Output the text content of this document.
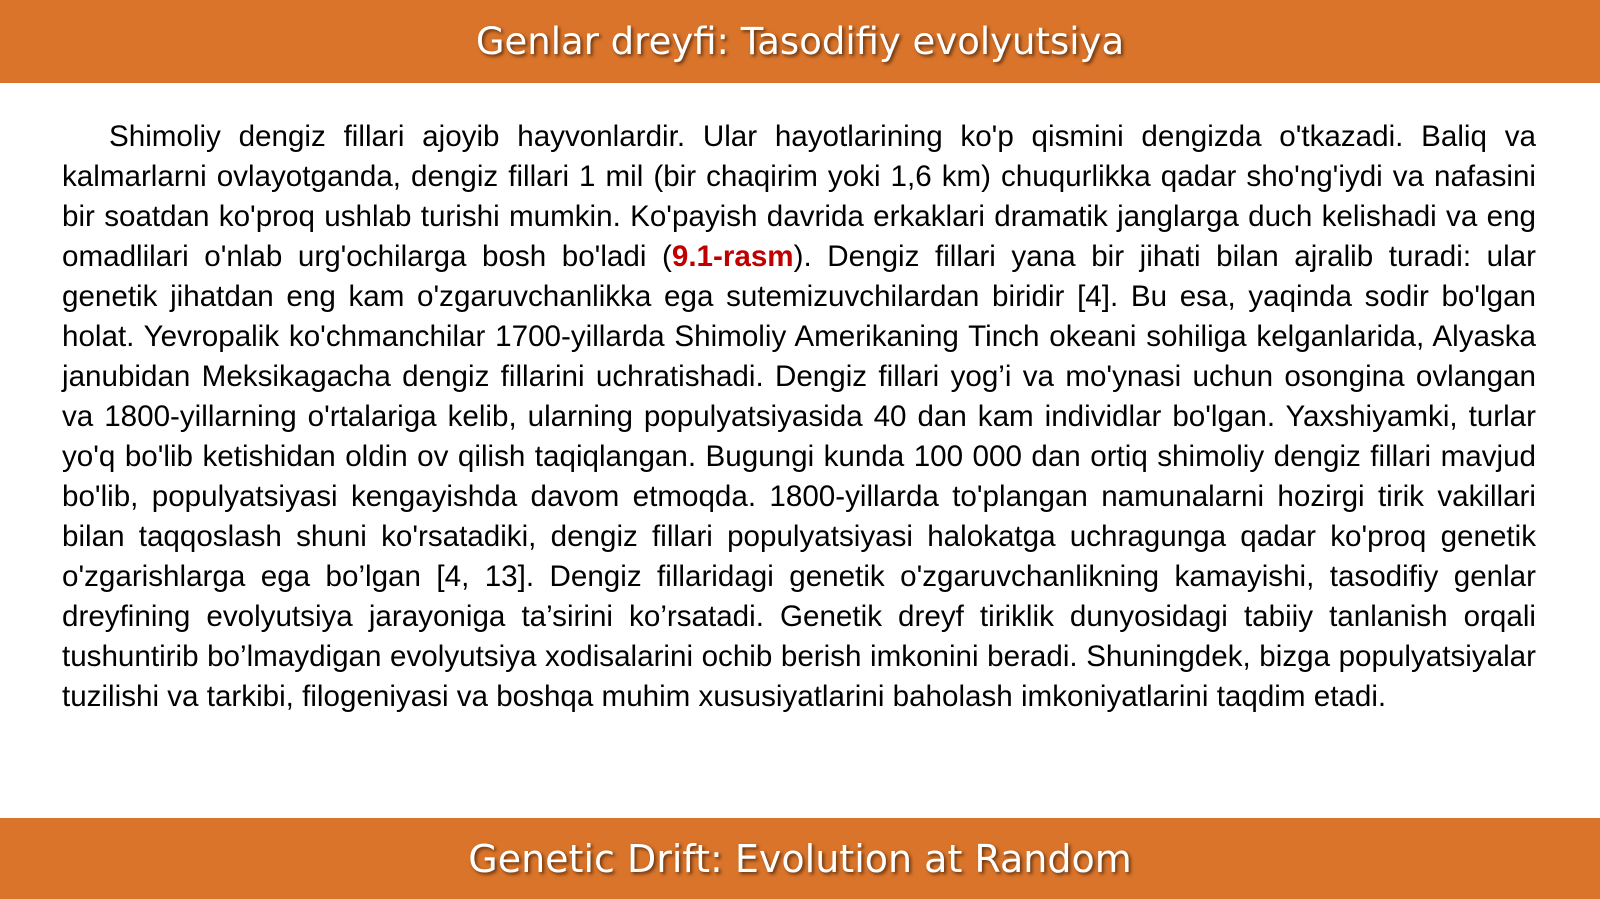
Genlar dreyfi: Tasodifiy evolyutsiya

Shimoliy dengiz fillari ajoyib hayvonlardir. Ular hayotlarining ko'p qismini dengizda o'tkazadi. Baliq va kalmarlarni ovlayotganda, dengiz fillari 1 mil (bir chaqirim yoki 1,6 km) chuqurlikka qadar sho'ng'iydi va nafasini bir soatdan ko'proq ushlab turishi mumkin. Ko'payish davrida erkaklari dramatik janglarga duch kelishadi va eng omadlilari o'nlab urg'ochilarga bosh bo'ladi (9.1-rasm). Dengiz fillari yana bir jihati bilan ajralib turadi: ular genetik jihatdan eng kam o'zgaruvchanlikka ega sutemizuvchilardan biridir [4]. Bu esa, yaqinda sodir bo'lgan holat. Yevropalik ko'chmanchilar 1700-yillarda Shimoliy Amerikaning Tinch okeani sohiliga kelganlarida, Alyaska janubidan Meksikagacha dengiz fillarini uchratishadi. Dengiz fillari yog’i va mo'ynasi uchun osongina ovlangan va 1800-yillarning o'rtalariga kelib, ularning populyatsiyasida 40 dan kam individlar bo'lgan. Yaxshiyamki, turlar yo'q bo'lib ketishidan oldin ov qilish taqiqlangan. Bugungi kunda 100 000 dan ortiq shimoliy dengiz fillari mavjud bo'lib, populyatsiyasi kengayishda davom etmoqda. 1800-yillarda to'plangan namunalarni hozirgi tirik vakillari bilan taqqoslash shuni ko'rsatadiki, dengiz fillari populyatsiyasi halokatga uchragunga qadar ko'proq genetik o'zgarishlarga ega bo’lgan [4, 13]. Dengiz fillaridagi genetik o'zgaruvchanlikning kamayishi, tasodifiy genlar dreyfining evolyutsiya jarayoniga ta’sirini ko’rsatadi. Genetik dreyf tiriklik dunyosidagi tabiiy tanlanish orqali tushuntirib bo’lmaydigan evolyutsiya xodisalarini ochib berish imkonini beradi. Shuningdek, bizga populyatsiyalar tuzilishi va tarkibi, filogeniyasi va boshqa muhim xususiyatlarini baholash imkoniyatlarini taqdim etadi.

Genetic Drift: Evolution at Random
